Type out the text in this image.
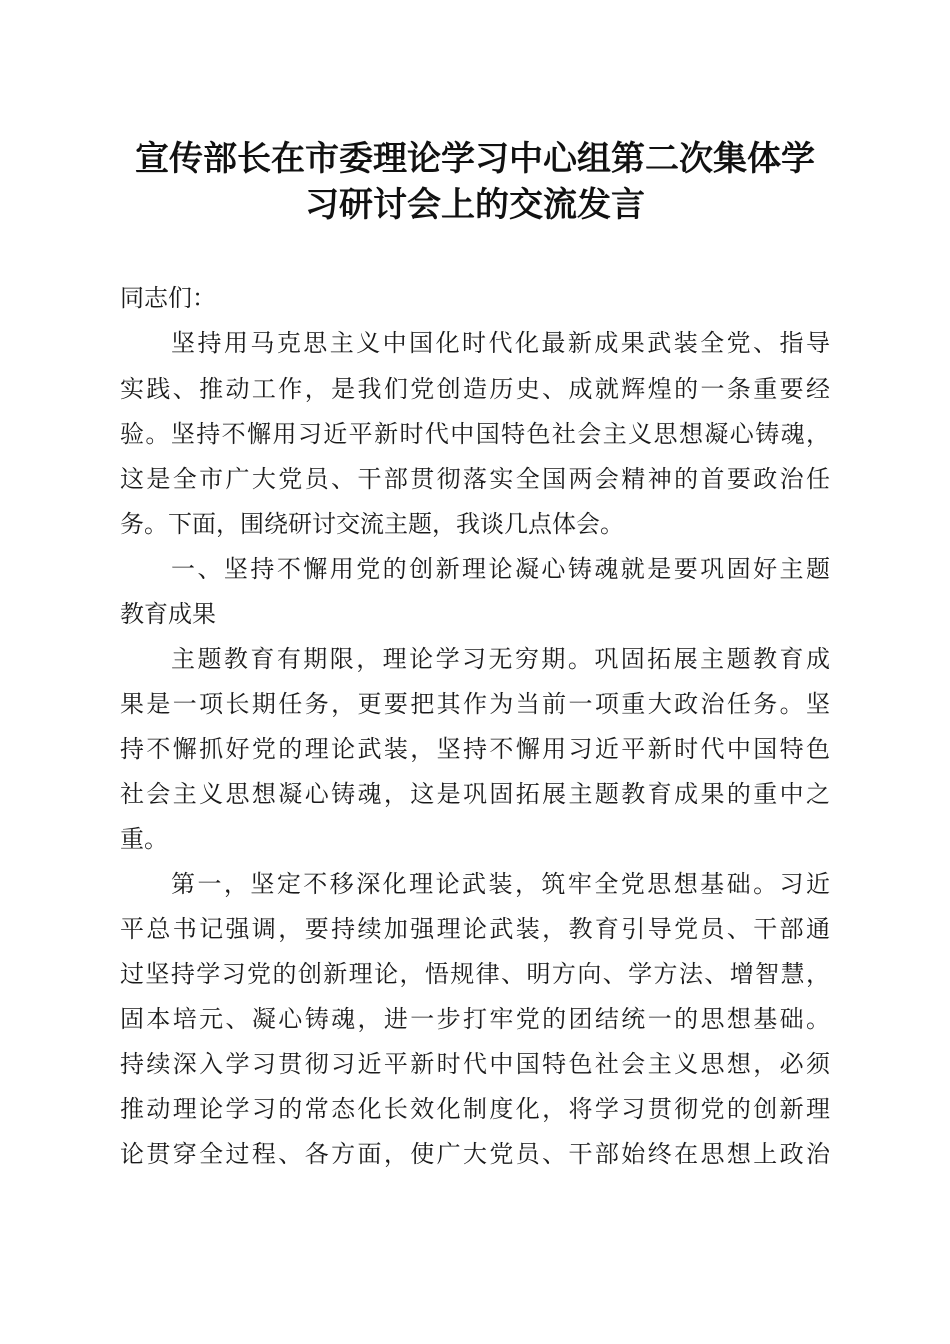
宣传部长在市委理论学习中心组第二次集体学
习研讨会上的交流发言
同志们：
坚持用马克思主义中国化时代化最新成果武装全党、指导
实践、推动工作，是我们党创造历史、成就辉煌的一条重要经
验。坚持不懈用习近平新时代中国特色社会主义思想凝心铸魂，
这是全市广大党员、干部贯彻落实全国两会精神的首要政治任
务。下面，围绕研讨交流主题，我谈几点体会。
一、坚持不懈用党的创新理论凝心铸魂就是要巩固好主题
教育成果
主题教育有期限，理论学习无穷期。巩固拓展主题教育成
果是一项长期任务，更要把其作为当前一项重大政治任务。坚
持不懈抓好党的理论武装，坚持不懈用习近平新时代中国特色
社会主义思想凝心铸魂，这是巩固拓展主题教育成果的重中之
重。
第一，坚定不移深化理论武装，筑牢全党思想基础。习近
平总书记强调，要持续加强理论武装，教育引导党员、干部通
过坚持学习党的创新理论，悟规律、明方向、学方法、增智慧，
固本培元、凝心铸魂，进一步打牢党的团结统一的思想基础。
持续深入学习贯彻习近平新时代中国特色社会主义思想，必须
推动理论学习的常态化长效化制度化，将学习贯彻党的创新理
论贯穿全过程、各方面，使广大党员、干部始终在思想上政治
